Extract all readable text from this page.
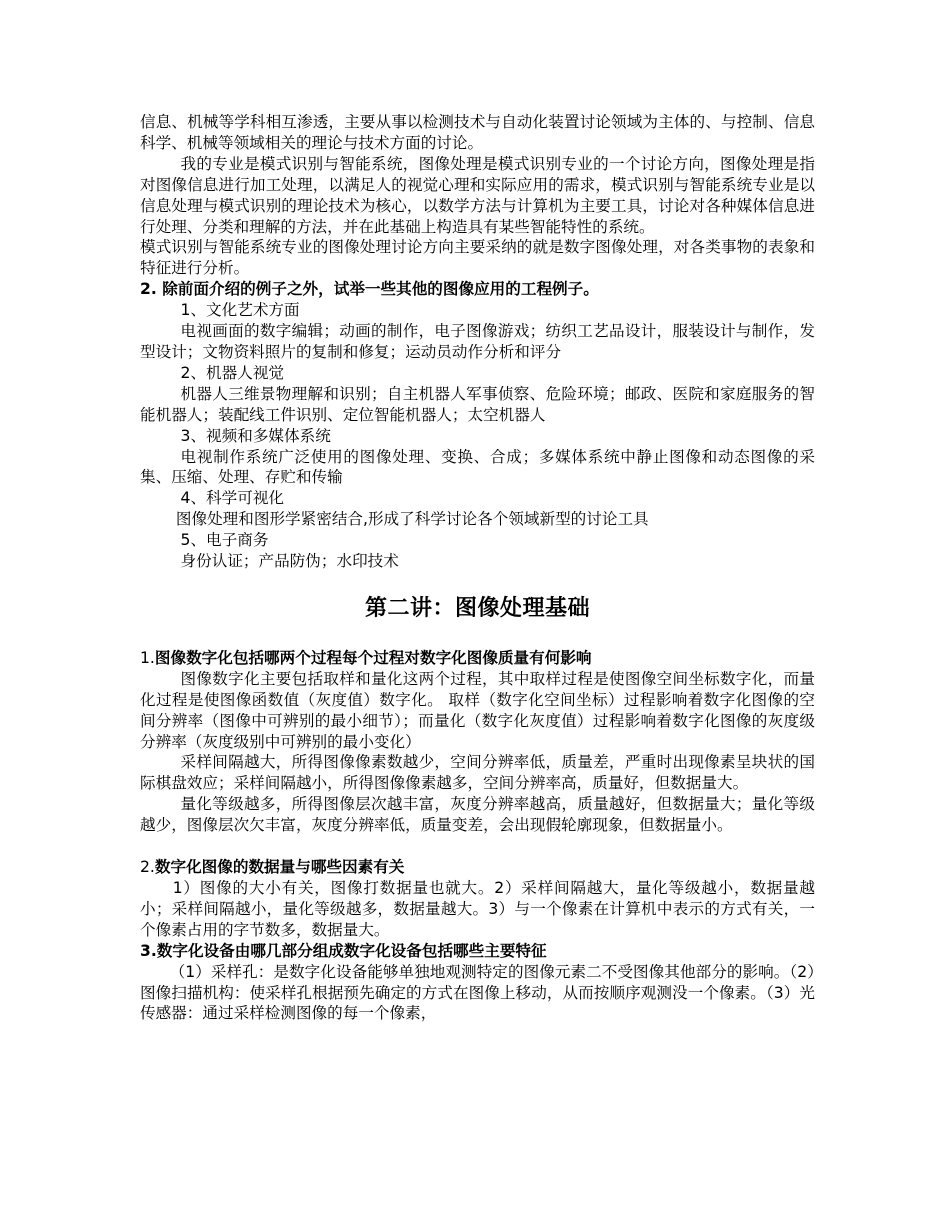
信息、机械等学科相互渗透，主要从事以检测技术与自动化装置讨论领域为主体的、与控制、信息科学、机械等领域相关的理论与技术方面的讨论。

我的专业是模式识别与智能系统，图像处理是模式识别专业的一个讨论方向，图像处理是指对图像信息进行加工处理，以满足人的视觉心理和实际应用的需求，模式识别与智能系统专业是以信息处理与模式识别的理论技术为核心，以数学方法与计算机为主要工具，讨论对各种媒体信息进行处理、分类和理解的方法，并在此基础上构造具有某些智能特性的系统。

模式识别与智能系统专业的图像处理讨论方向主要采纳的就是数字图像处理，对各类事物的表象和特征进行分析。

2. 除前面介绍的例子之外，试举一些其他的图像应用的工程例子。

1、文化艺术方面

电视画面的数字编辑；动画的制作，电子图像游戏；纺织工艺品设计，服装设计与制作，发型设计；文物资料照片的复制和修复；运动员动作分析和评分

2、机器人视觉

机器人三维景物理解和识别；自主机器人军事侦察、危险环境；邮政、医院和家庭服务的智能机器人；装配线工件识别、定位智能机器人；太空机器人

3、视频和多媒体系统

电视制作系统广泛使用的图像处理、变换、合成；多媒体系统中静止图像和动态图像的采集、压缩、处理、存贮和传输

4、科学可视化

图像处理和图形学紧密结合,形成了科学讨论各个领域新型的讨论工具

5、电子商务

身份认证；产品防伪；水印技术

第二讲：图像处理基础

1.图像数字化包括哪两个过程每个过程对数字化图像质量有何影响

图像数字化主要包括取样和量化这两个过程，其中取样过程是使图像空间坐标数字化，而量化过程是使图像函数值（灰度值）数字化。 取样（数字化空间坐标）过程影响着数字化图像的空间分辨率（图像中可辨别的最小细节）；而量化（数字化灰度值）过程影响着数字化图像的灰度级分辨率（灰度级别中可辨别的最小变化）

采样间隔越大，所得图像像素数越少，空间分辨率低，质量差，严重时出现像素呈块状的国际棋盘效应；采样间隔越小，所得图像像素越多，空间分辨率高，质量好，但数据量大。

量化等级越多，所得图像层次越丰富，灰度分辨率越高，质量越好，但数据量大；量化等级越少，图像层次欠丰富，灰度分辨率低，质量变差，会出现假轮廓现象，但数据量小。

2.数字化图像的数据量与哪些因素有关

1）图像的大小有关，图像打数据量也就大。2）采样间隔越大，量化等级越小，数据量越小；采样间隔越小，量化等级越多，数据量越大。3）与一个像素在计算机中表示的方式有关，一个像素占用的字节数多，数据量大。

3.数字化设备由哪几部分组成数字化设备包括哪些主要特征

（1）采样孔：是数字化设备能够单独地观测特定的图像元素二不受图像其他部分的影响。（2）图像扫描机构：使采样孔根据预先确定的方式在图像上移动，从而按顺序观测没一个像素。（3）光传感器：通过采样检测图像的每一个像素，
